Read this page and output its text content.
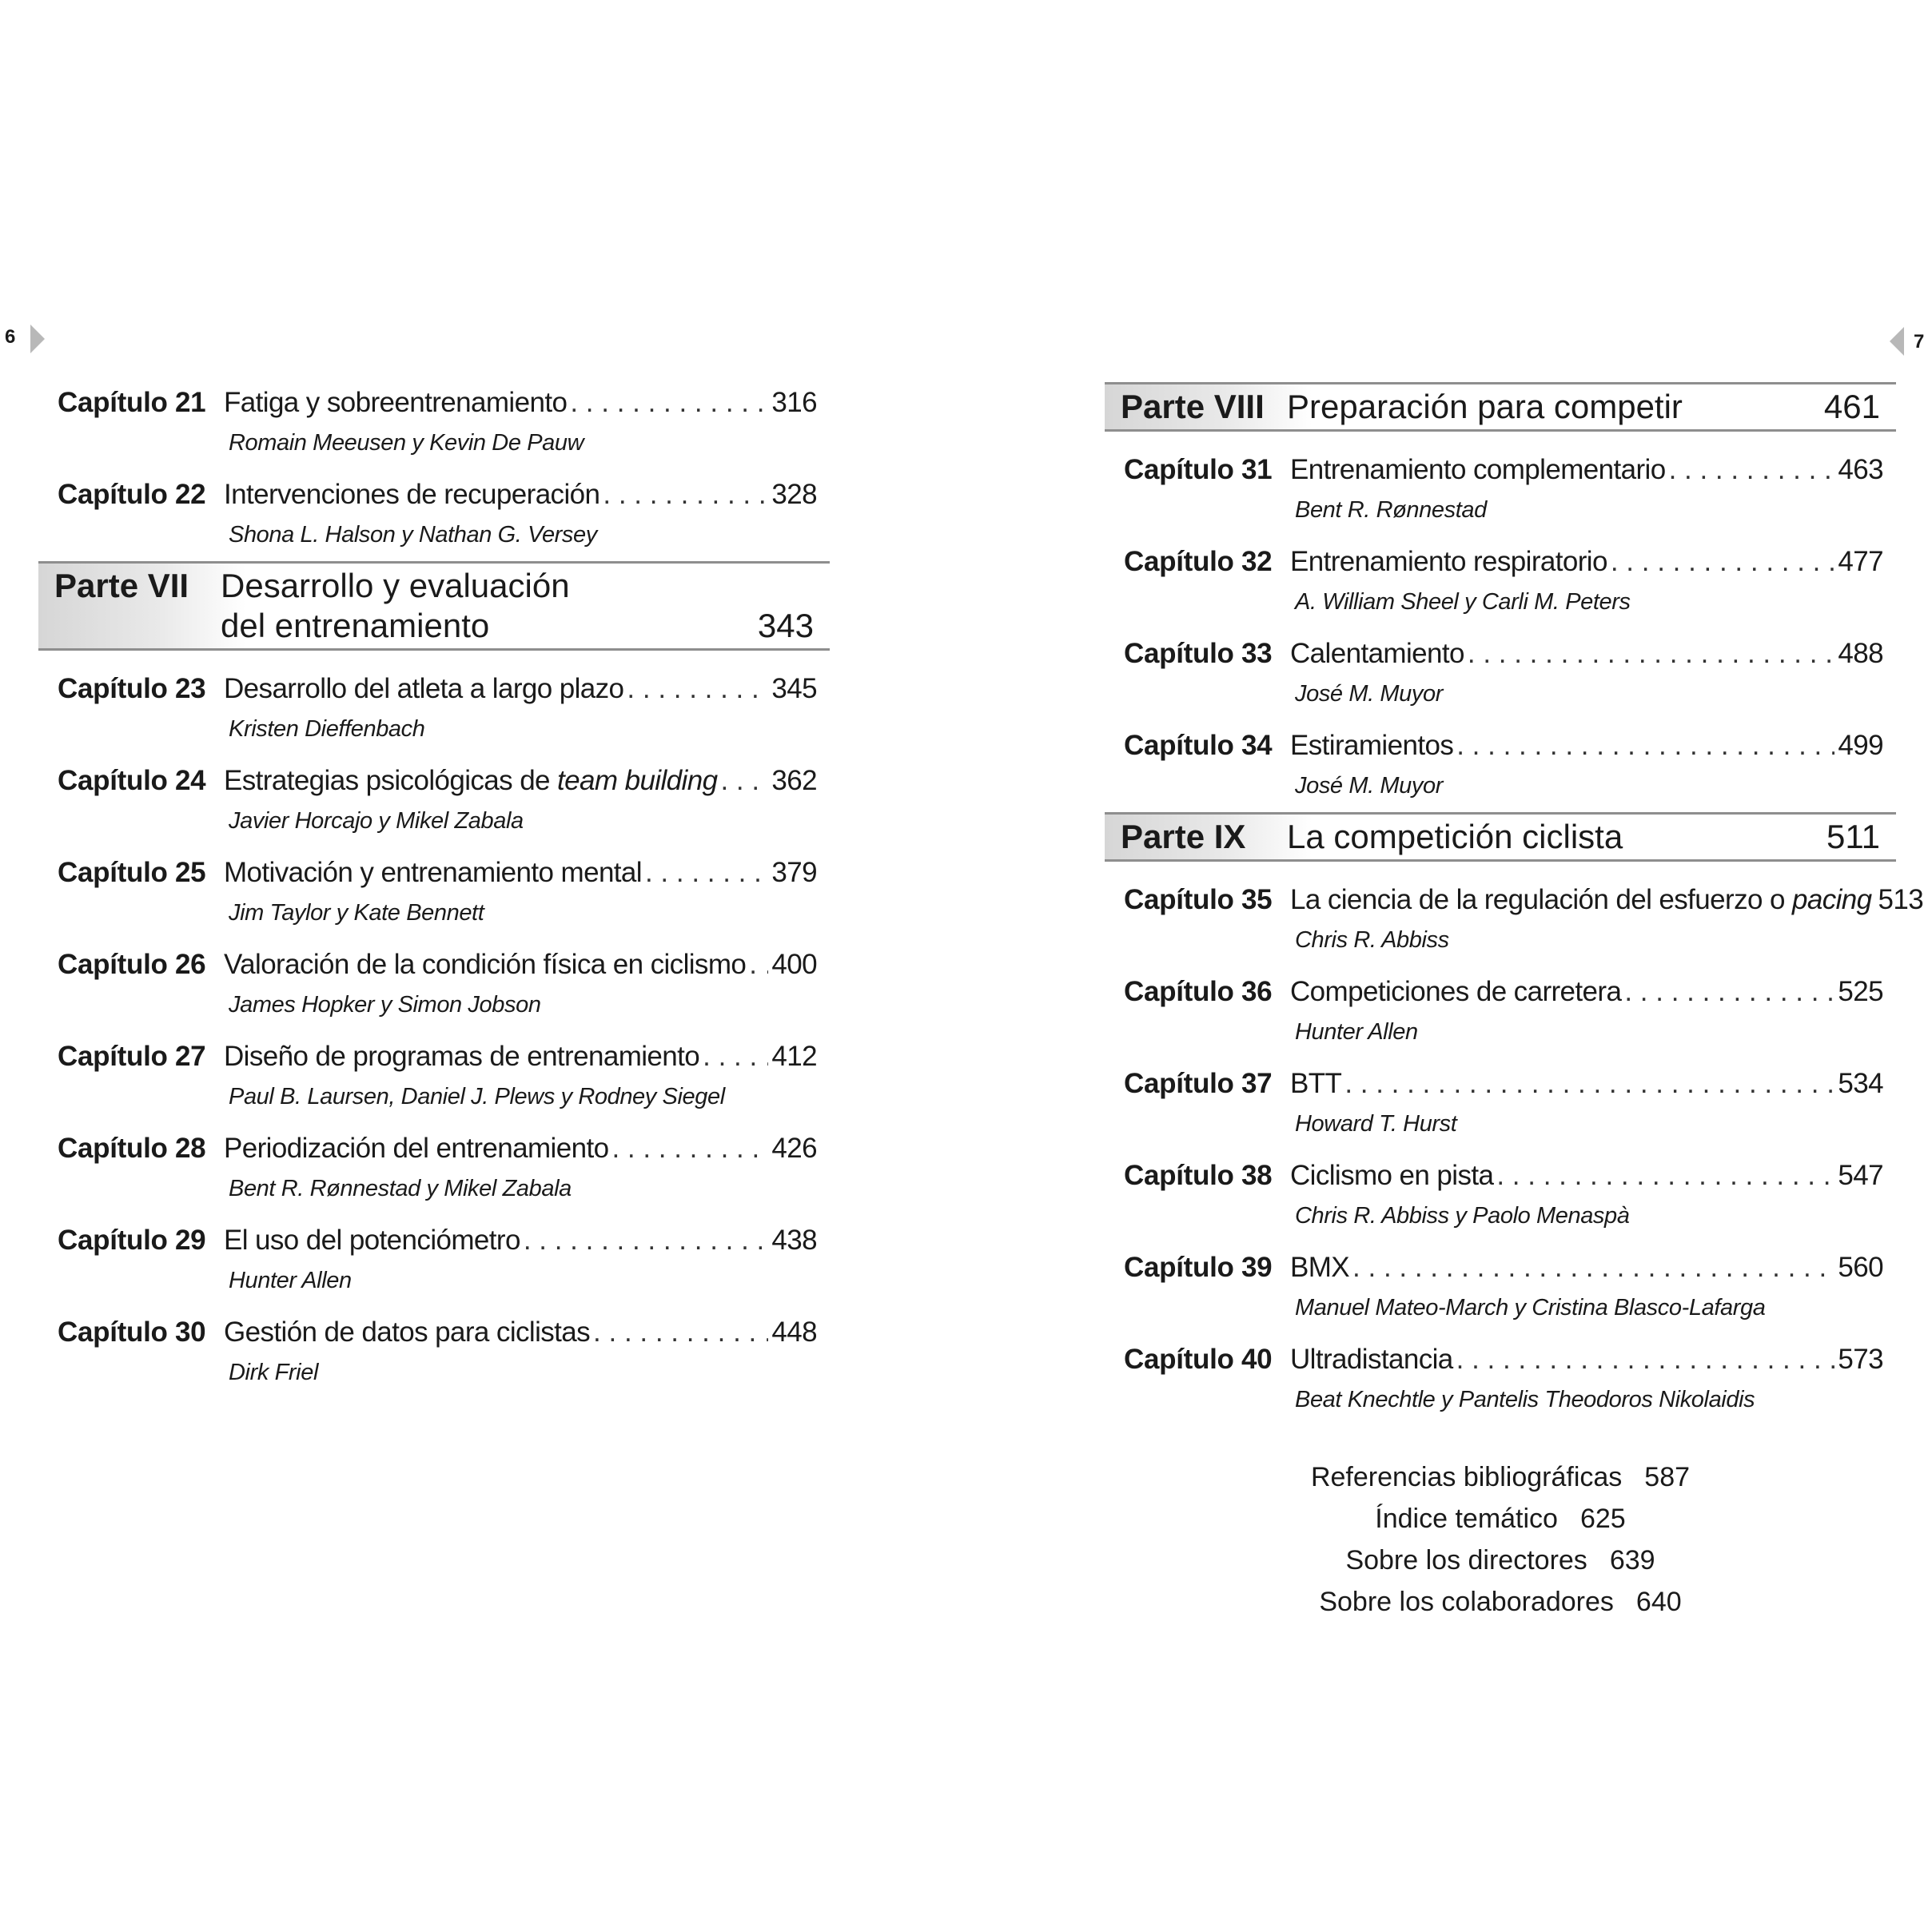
6	7
Capítulo 21 Fatiga y sobreentrenamiento . . .	316
Romain Meeusen y Kevin De Pauw
Capítulo 22 Intervenciones de recuperación . . .	328
Shona L. Halson y Nathan G. Versey
Parte VII Desarrollo y evaluación
del entrenamiento	343
Capítulo 23 Desarrollo del atleta a largo plazo . . .	345
Kristen Dieffenbach
Capítulo 24 Estrategias psicológicas de team building . . . 362
Javier Horcajo y Mikel Zabala
Capítulo 25 Motivación y entrenamiento mental . . .	379
Jim Taylor y Kate Bennett
Capítulo 26 Valoración de la condición física en ciclismo . . . 400
James Hopker y Simon Jobson
Capítulo 27 Diseño de programas de entrenamiento . . .	412
Paul B. Laursen, Daniel J. Plews y Rodney Siegel
Capítulo 28 Periodización del entrenamiento . . .	426
Bent R. Rønnestad y Mikel Zabala
Capítulo 29 El uso del potenciómetro . . .	438
Hunter Allen
Capítulo 30 Gestión de datos para ciclistas . . .	448
Dirk Friel
Parte VIII Preparación para competir	461
Capítulo 31 Entrenamiento complementario . . .	463
Bent R. Rønnestad
Capítulo 32 Entrenamiento respiratorio . . .	477
A. William Sheel y Carli M. Peters
Capítulo 33 Calentamiento . . .	488
José M. Muyor
Capítulo 34 Estiramientos . . .	499
José M. Muyor
Parte IX La competición ciclista	511
Capítulo 35 La ciencia de la regulación del esfuerzo o pacing 513
Chris R. Abbiss
Capítulo 36 Competiciones de carretera . . .	525
Hunter Allen
Capítulo 37 BTT . . .	534
Howard T. Hurst
Capítulo 38 Ciclismo en pista . . .	547
Chris R. Abbiss y Paolo Menaspà
Capítulo 39 BMX . . .	560
Manuel Mateo-March y Cristina Blasco-Lafarga
Capítulo 40 Ultradistancia . . .	573
Beat Knechtle y Pantelis Theodoros Nikolaidis
Referencias bibliográficas 587
Índice temático 625
Sobre los directores 639
Sobre los colaboradores 640
